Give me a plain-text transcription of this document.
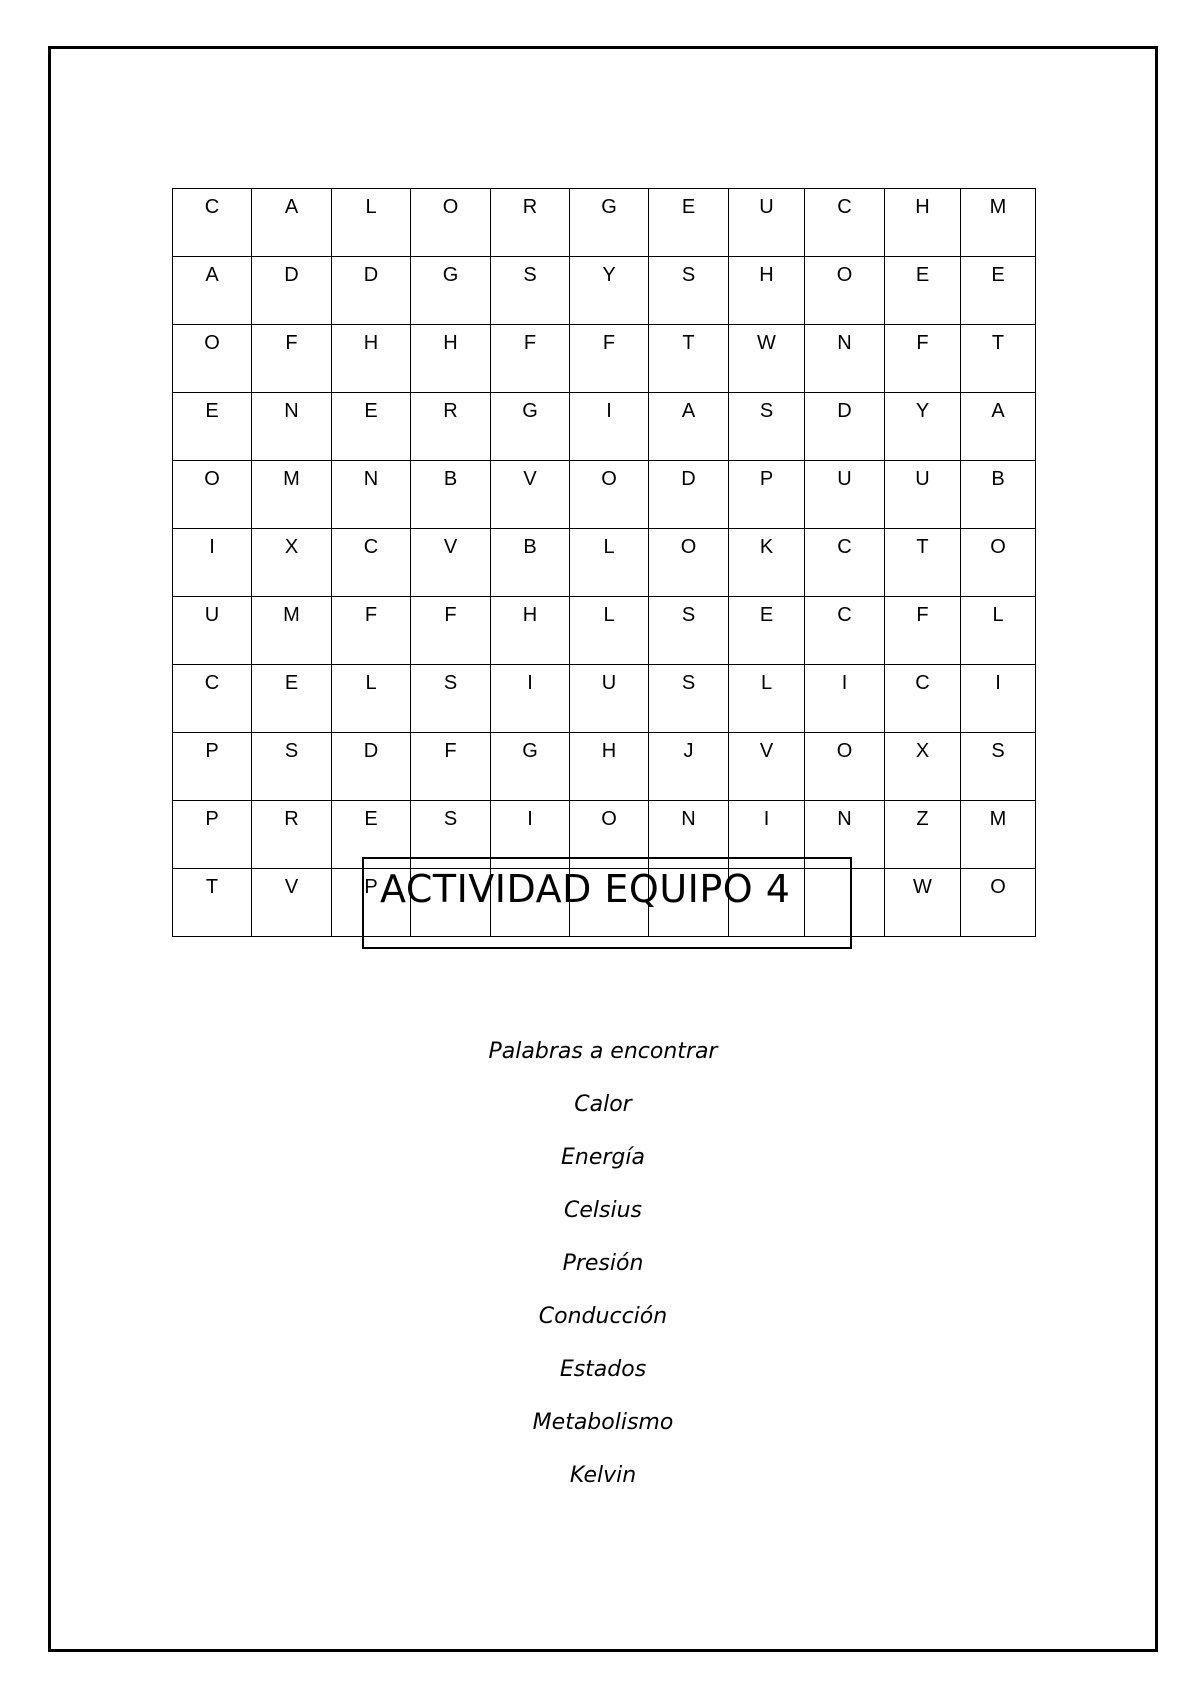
C	A	L	O	R	G	E	U	C	H	M

A	D	D	G	S	Y	S	H	O	E	E

O	F	H	H	F	F	T	W	N	F	T

E	N	E	R	G	I	A	S	D	Y	A

O	M	N	B	V	O	D	P	U	U	B

I	X	C	V	B	L	O	K	C	T	O

U	M	F	F	H	L	S	E	C	F	L

C	E	L	S	I	U	S	L	I	C	I

P	S	D	F	G	H	J	V	O	X	S

P	R	E	S	I	O	N	I	N	Z	M

T	V	P							W	O
ACTIVIDAD EQUIPO 4
Palabras a encontrar
Calor
Energía
Celsius
Presión
Conducción
Estados
Metabolismo
Kelvin
